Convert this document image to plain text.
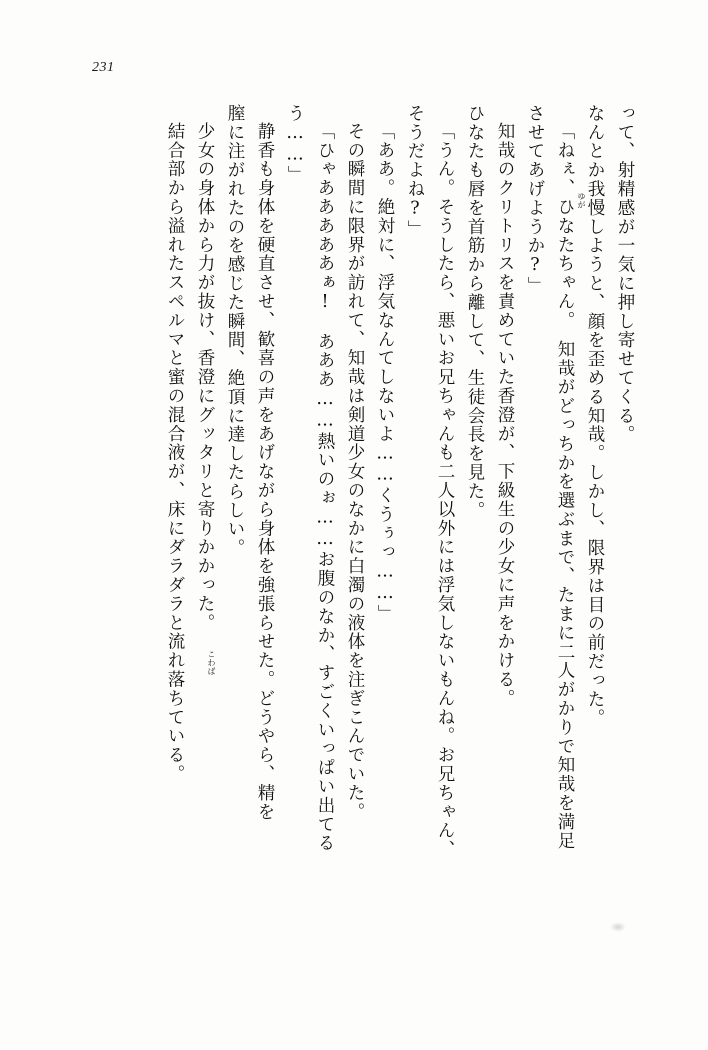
231
って、射精感が一気に押し寄せてくる。
なんとか我慢しようと、顔を歪める知哉。しかし、限界は目の前だった。
「ねぇ、ひなたちゃん。　知哉がどっちかを選ぶまで、たまに二人がかりで知哉を満足
させてあげようか?」
知哉のクリトリスを責めていた香澄が、下級生の少女に声をかける。
ひなたも唇を首筋から離して、生徒会長を見た。
「うん。そうしたら、悪いお兄ちゃんも二人以外には浮気しないもんね。お兄ちゃん、
そうだよね?」
「ああ。絶対に、浮気なんてしないよ……くうぅっ……」
その瞬間に限界が訪れて、知哉は剣道少女のなかに白濁の液体を注ぎこんでいた。
「ひゃあああああぁ!　あああ……熱いのぉ……お腹のなか、すごくいっぱい出てる
う……」
静香も身体を硬直させ、歓喜の声をあげながら身体を強張らせた。どうやら、精を
膣に注がれたのを感じた瞬間、絶頂に達したらしい。
少女の身体から力が抜け、香澄にグッタリと寄りかかった。
結合部から溢れたスペルマと蜜の混合液が、床にダラダラと流れ落ちている。	ゆが
こわば
